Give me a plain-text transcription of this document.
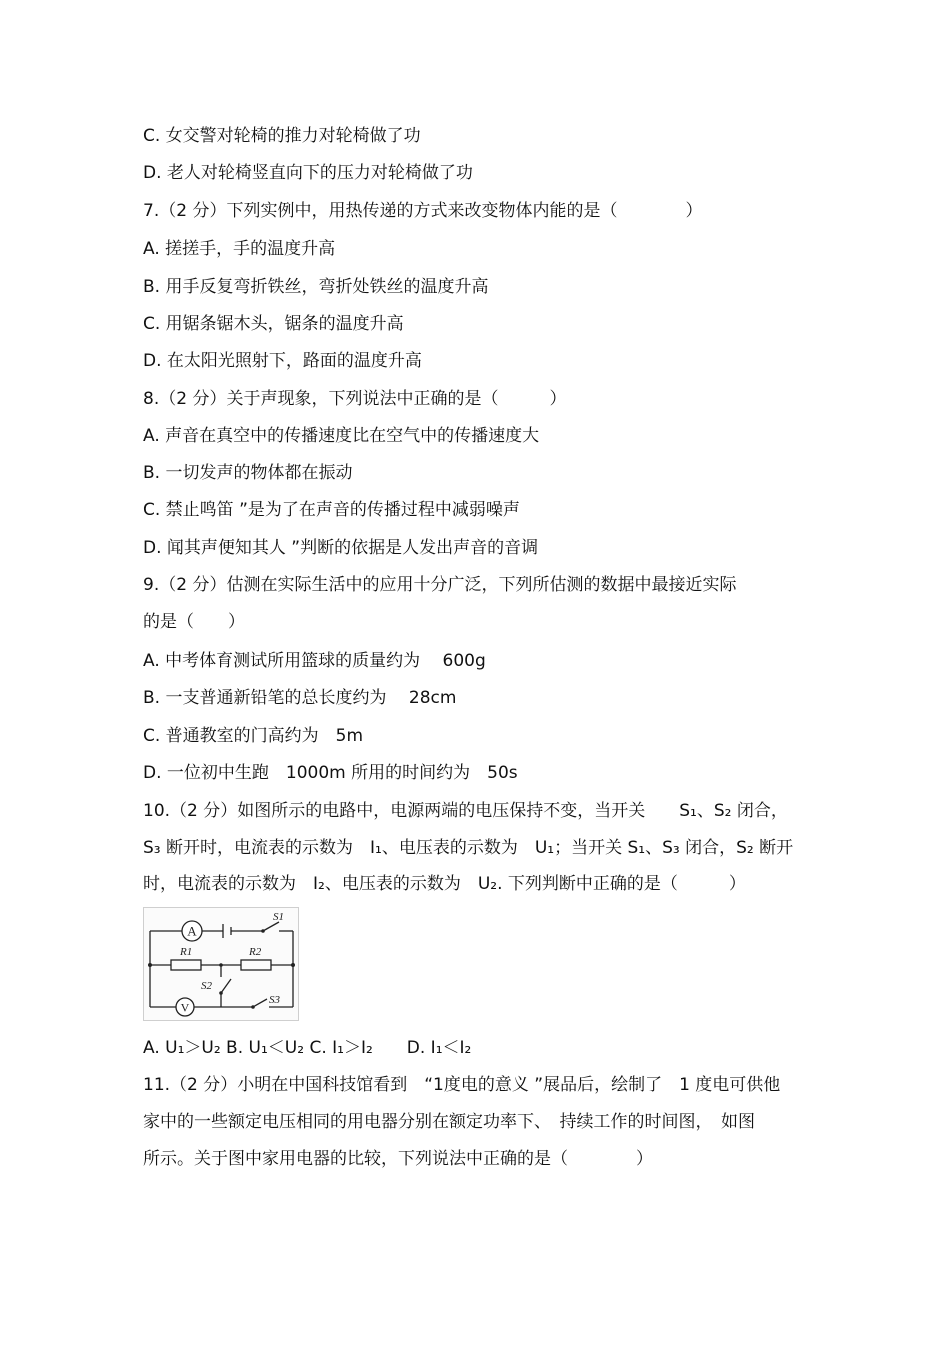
C. 女交警对轮椅的推力对轮椅做了功
D. 老人对轮椅竖直向下的压力对轮椅做了功
7.（2 分）下列实例中，用热传递的方式来改变物体内能的是（　　　　）
A. 搓搓手，手的温度升高
B. 用手反复弯折铁丝，弯折处铁丝的温度升高
C. 用锯条锯木头，锯条的温度升高
D. 在太阳光照射下，路面的温度升高
8.（2 分）关于声现象，下列说法中正确的是（　　　）
A. 声音在真空中的传播速度比在空气中的传播速度大
B. 一切发声的物体都在振动
C. 禁止鸣笛 ”是为了在声音的传播过程中减弱噪声
D. 闻其声便知其人 ”判断的依据是人发出声音的音调
9.（2 分）估测在实际生活中的应用十分广泛，下列所估测的数据中最接近实际
的是（　　）
A. 中考体育测试所用篮球的质量约为　 600g
B. 一支普通新铅笔的总长度约为　 28cm
C. 普通教室的门高约为　5m
D. 一位初中生跑　1000m 所用的时间约为　50s
10.（2 分）如图所示的电路中，电源两端的电压保持不变，当开关　　S₁、S₂ 闭合，
S₃ 断开时，电流表的示数为　I₁、电压表的示数为　U₁；当开关 S₁、S₃ 闭合，S₂ 断开
时，电流表的示数为　I₂、电压表的示数为　U₂. 下列判断中正确的是（　　　）
A
V
R1	R2
S1
S2
S3
A. U₁＞U₂ B. U₁＜U₂ C. I₁＞I₂　　D. I₁＜I₂
11.（2 分）小明在中国科技馆看到　“1度电的意义 ”展品后，绘制了　1 度电可供他
家中的一些额定电压相同的用电器分别在额定功率下、　持续工作的时间图，　如图
所示。关于图中家用电器的比较，下列说法中正确的是（　　　　）
